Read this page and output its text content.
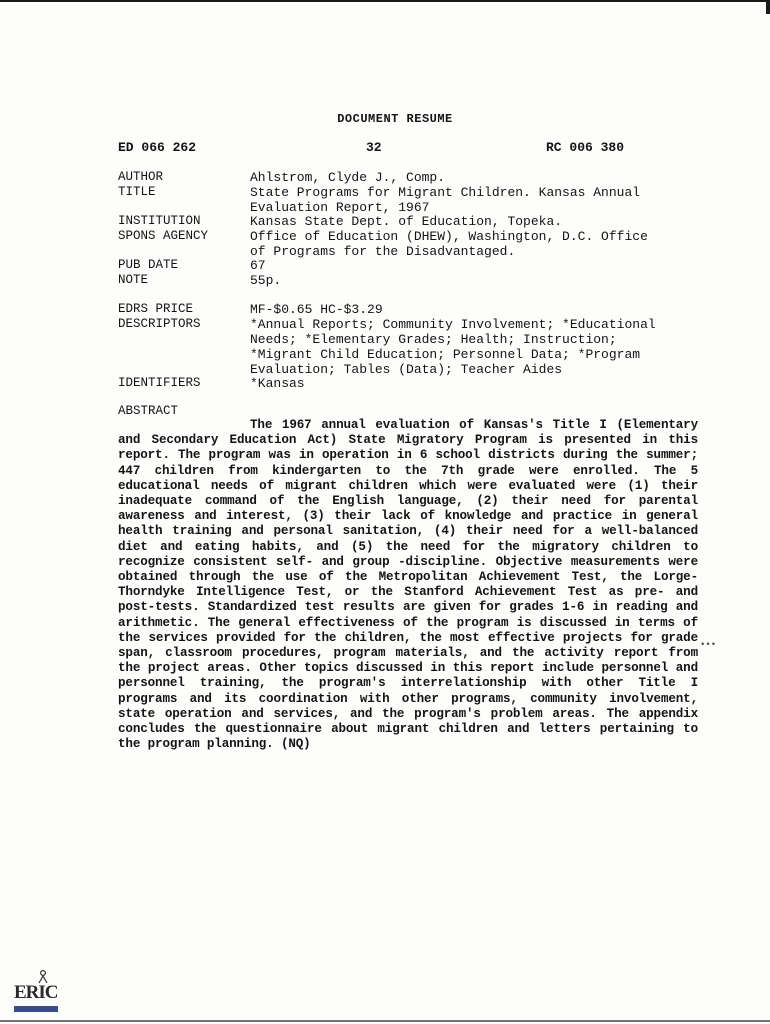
DOCUMENT RESUME
ED 066 262	32	RC 006 380
AUTHOR	Ahlstrom, Clyde J., Comp.
TITLE	State Programs for Migrant Children. Kansas Annual
Evaluation Report, 1967
INSTITUTION	Kansas State Dept. of Education, Topeka.
SPONS AGENCY	Office of Education (DHEW), Washington, D.C. Office
of Programs for the Disadvantaged.
PUB DATE	67
NOTE	55p.
EDRS PRICE	MF-$0.65 HC-$3.29
DESCRIPTORS	*Annual Reports; Community Involvement; *Educational
Needs; *Elementary Grades; Health; Instruction;
*Migrant Child Education; Personnel Data; *Program
Evaluation; Tables (Data); Teacher Aides
IDENTIFIERS	*Kansas
ABSTRACT
The 1967 annual evaluation of Kansas's Title I (Elementary and Secondary Education Act) State Migratory Program is presented in this report. The program was in operation in 6 school districts during the summer; 447 children from kindergarten to the 7th grade were enrolled. The 5 educational needs of migrant children which were evaluated were (1) their inadequate command of the English language, (2) their need for parental awareness and interest, (3) their lack of knowledge and practice in general health training and personal sanitation, (4) their need for a well-balanced diet and eating habits, and (5) the need for the migratory children to recognize consistent self- and group -discipline. Objective measurements were obtained through the use of the Metropolitan Achievement Test, the Lorge-Thorndyke Intelligence Test, or the Stanford Achievement Test as pre- and post-tests. Standardized test results are given for grades 1-6 in reading and arithmetic. The general effectiveness of the program is discussed in terms of the services provided for the children, the most effective projects for grade span, classroom procedures, program materials, and the activity report from the project areas. Other topics discussed in this report include personnel and personnel training, the program's interrelationship with other Title I programs and its coordination with other programs, community involvement, state operation and services, and the program's problem areas. The appendix concludes the questionnaire about migrant children and letters pertaining to the program planning. (NQ)
•••
ERIC
